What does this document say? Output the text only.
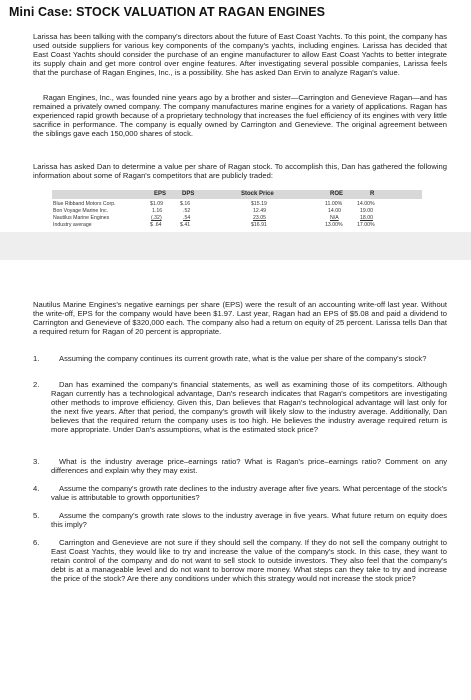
Mini Case: STOCK VALUATION AT RAGAN ENGINES
Larissa has been talking with the company's directors about the future of East Coast Yachts. To this point, the company has used outside suppliers for various key components of the company's yachts, including engines. Larissa has decided that East Coast Yachts should consider the purchase of an engine manufacturer to allow East Coast Yachts to better integrate its supply chain and get more control over engine features. After investigating several possible companies, Larissa feels that the purchase of Ragan Engines, Inc., is a possibility. She has asked Dan Ervin to analyze Ragan's value.
Ragan Engines, Inc., was founded nine years ago by a brother and sister—Carrington and Genevieve Ragan—and has remained a privately owned company. The company manufactures marine engines for a variety of applications. Ragan has experienced rapid growth because of a proprietary technology that increases the fuel efficiency of its engines with very little sacrifice in performance. The company is equally owned by Carrington and Genevieve. The original agreement between the siblings gave each 150,000 shares of stock.
Larissa has asked Dan to determine a value per share of Ragan stock. To accomplish this, Dan has gathered the following information about some of Ragan's competitors that are publicly traded:
EPS	DPS	Stock Price	ROE	R
Blue Ribband Motors Corp.	$1.09	$.16	$15.19	11.00%	14.00%
Bon Voyage Marine Inc.	1.16	.52	12.49	14.00	19.00
Nautilus Marine Engines	(.32)	.54	23.05	N/A	18.00
Industry average	$ .64	$.41	$16.91	13.00%	17.00%
Nautilus Marine Engines's negative earnings per share (EPS) were the result of an accounting write-off last year. Without the write-off, EPS for the company would have been $1.97. Last year, Ragan had an EPS of $5.08 and paid a dividend to Carrington and Genevieve of $320,000 each. The company also had a return on equity of 25 percent. Larissa tells Dan that a required return for Ragan of 20 percent is appropriate.
1.	Assuming the company continues its current growth rate, what is the value per share of the company's stock?
2.	Dan has examined the company's financial statements, as well as examining those of its competitors. Although Ragan currently has a technological advantage, Dan's research indicates that Ragan's competitors are investigating other methods to improve efficiency. Given this, Dan believes that Ragan's technological advantage will last only for the next five years. After that period, the company's growth will likely slow to the industry average. Additionally, Dan believes that the required return the company uses is too high. He believes the industry average required return is more appropriate. Under Dan's assumptions, what is the estimated stock price?
3.	What is the industry average price–earnings ratio? What is Ragan's price–earnings ratio? Comment on any differences and explain why they may exist.
4.	Assume the company's growth rate declines to the industry average after five years. What percentage of the stock's value is attributable to growth opportunities?
5.	Assume the company's growth rate slows to the industry average in five years. What future return on equity does this imply?
6.	Carrington and Genevieve are not sure if they should sell the company. If they do not sell the company outright to East Coast Yachts, they would like to try and increase the value of the company's stock. In this case, they want to retain control of the company and do not want to sell stock to outside investors. They also feel that the company's debt is at a manageable level and do not want to borrow more money. What steps can they take to try and increase the price of the stock? Are there any conditions under which this strategy would not increase the stock price?
